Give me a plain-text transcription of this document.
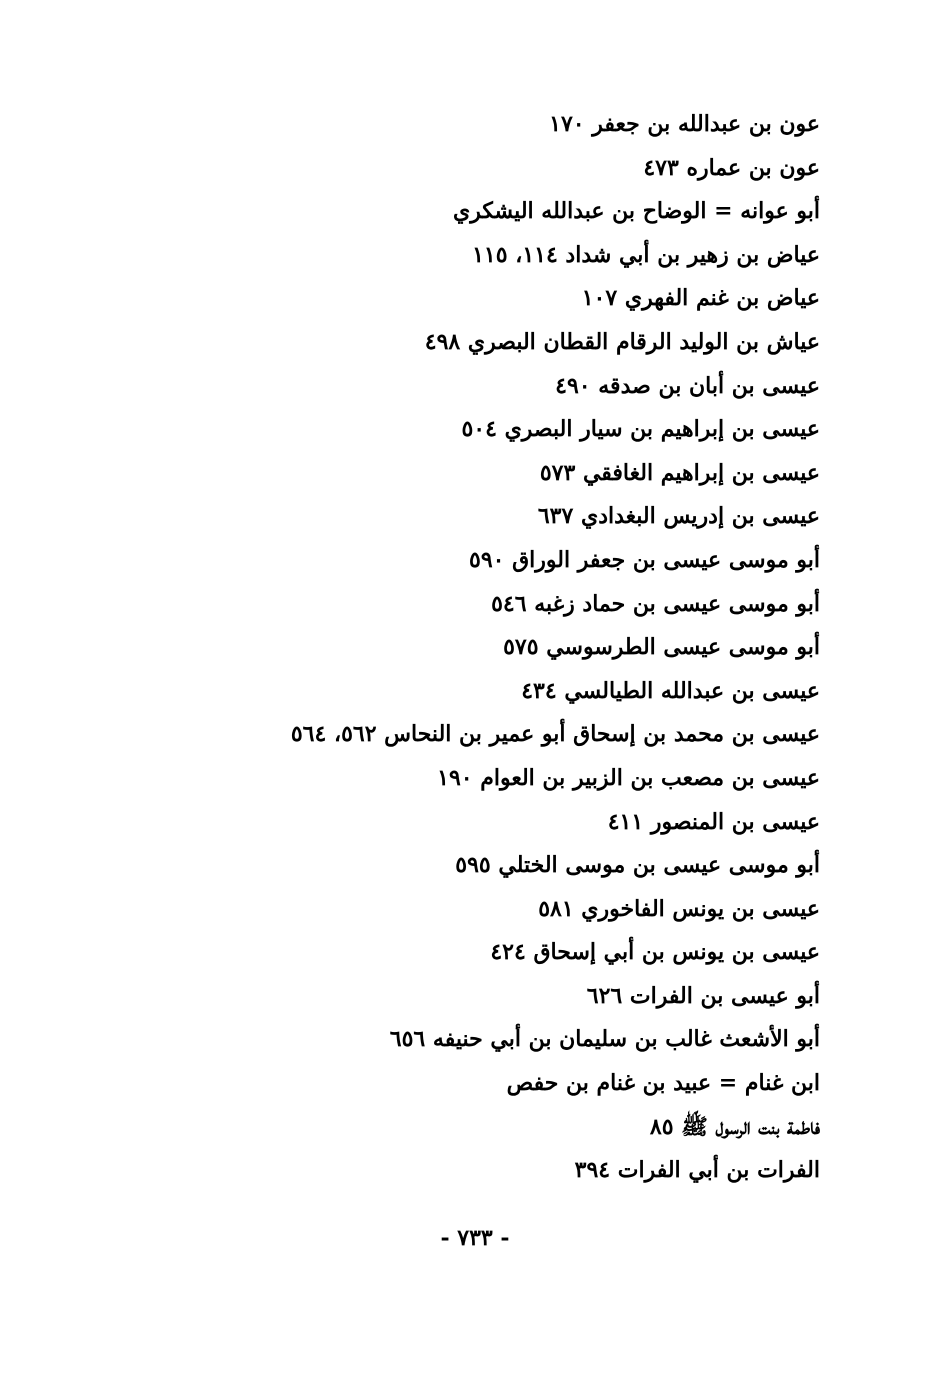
عون بن عبدالله بن جعفر ١٧٠
عون بن عماره ٤٧٣
أبو عوانه = الوضاح بن عبدالله اليشكري
عياض بن زهير بن أبي شداد ١١٤، ١١٥
عياض بن غنم الفهري ١٠٧
عياش بن الوليد الرقام القطان البصري ٤٩٨
عيسى بن أبان بن صدقه ٤٩٠
عيسى بن إبراهيم بن سيار البصري ٥٠٤
عيسى بن إبراهيم الغافقي ٥٧٣
عيسى بن إدريس البغدادي ٦٣٧
أبو موسى عيسى بن جعفر الوراق ٥٩٠
أبو موسى عيسى بن حماد زغبه ٥٤٦
أبو موسى عيسى الطرسوسي ٥٧٥
عيسى بن عبدالله الطيالسي ٤٣٤
عيسى بن محمد بن إسحاق أبو عمير بن النحاس ٥٦٢، ٥٦٤
عيسى بن مصعب بن الزبير بن العوام ١٩٠
عيسى بن المنصور ٤١١
أبو موسى عيسى بن موسى الختلي ٥٩٥
عيسى بن يونس الفاخوري ٥٨١
عيسى بن يونس بن أبي إسحاق ٤٢٤
أبو عيسى بن الفرات ٦٢٦
أبو الأشعث غالب بن سليمان بن أبي حنيفه ٦٥٦
ابن غنام = عبيد بن غنام بن حفص
فاطمة بنت الرسول ﷺ ٨٥
الفرات بن أبي الفرات ٣٩٤
- ٧٣٣ -
